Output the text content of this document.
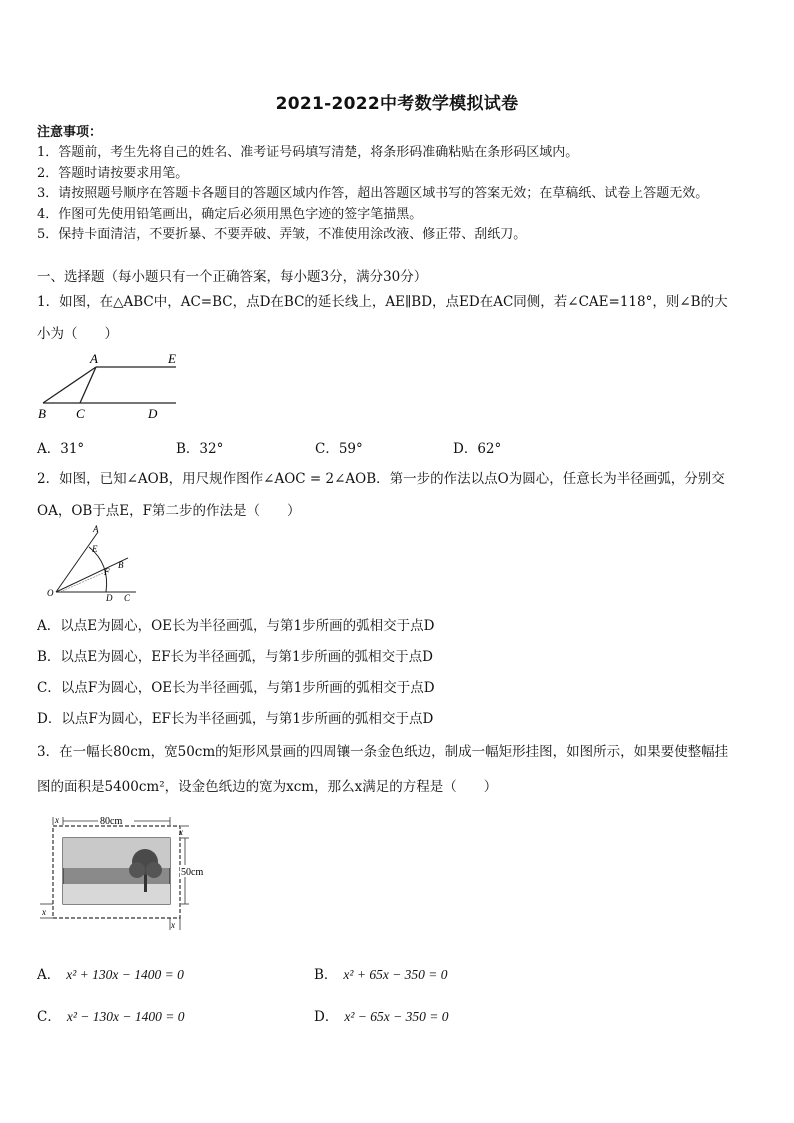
2021-2022中考数学模拟试卷
注意事项：
1．答题前，考生先将自己的姓名、准考证号码填写清楚，将条形码准确粘贴在条形码区域内。
2．答题时请按要求用笔。
3．请按照题号顺序在答题卡各题目的答题区域内作答，超出答题区域书写的答案无效；在草稿纸、试卷上答题无效。
4．作图可先使用铅笔画出，确定后必须用黑色字迹的签字笔描黑。
5．保持卡面清洁，不要折暴、不要弄破、弄皱，不准使用涂改液、修正带、刮纸刀。
一、选择题（每小题只有一个正确答案，每小题3分，满分30分）
1．如图，在△ABC中，AC=BC，点D在BC的延长线上，AE∥BD，点ED在AC同侧，若∠CAE=118°，则∠B的大
小为（　　）
A	E
B C	D
A．31°	B．32°	C．59°	D．62°
2．如图，已知∠AOB，用尺规作图作∠AOC = 2∠AOB．第一步的作法以点O为圆心，任意长为半径画弧，分别交
OA，OB于点E，F第二步的作法是（　　）
A
E
B
F
O	D C
A．以点E为圆心，OE长为半径画弧，与第1步所画的弧相交于点D
B．以点E为圆心，EF长为半径画弧，与第1步所画的弧相交于点D
C．以点F为圆心，OE长为半径画弧，与第1步所画的弧相交于点D
D．以点F为圆心，EF长为半径画弧，与第1步所画的弧相交于点D
3．在一幅长80cm，宽50cm的矩形风景画的四周镶一条金色纸边，制成一幅矩形挂图，如图所示，如果要使整幅挂
图的面积是5400cm²，设金色纸边的宽为xcm，那么x满足的方程是（　　）
80cm
x
50cm
x
x
x
A． x² + 130x − 1400 = 0	B． x² + 65x − 350 = 0
C． x² − 130x − 1400 = 0	D． x² − 65x − 350 = 0
